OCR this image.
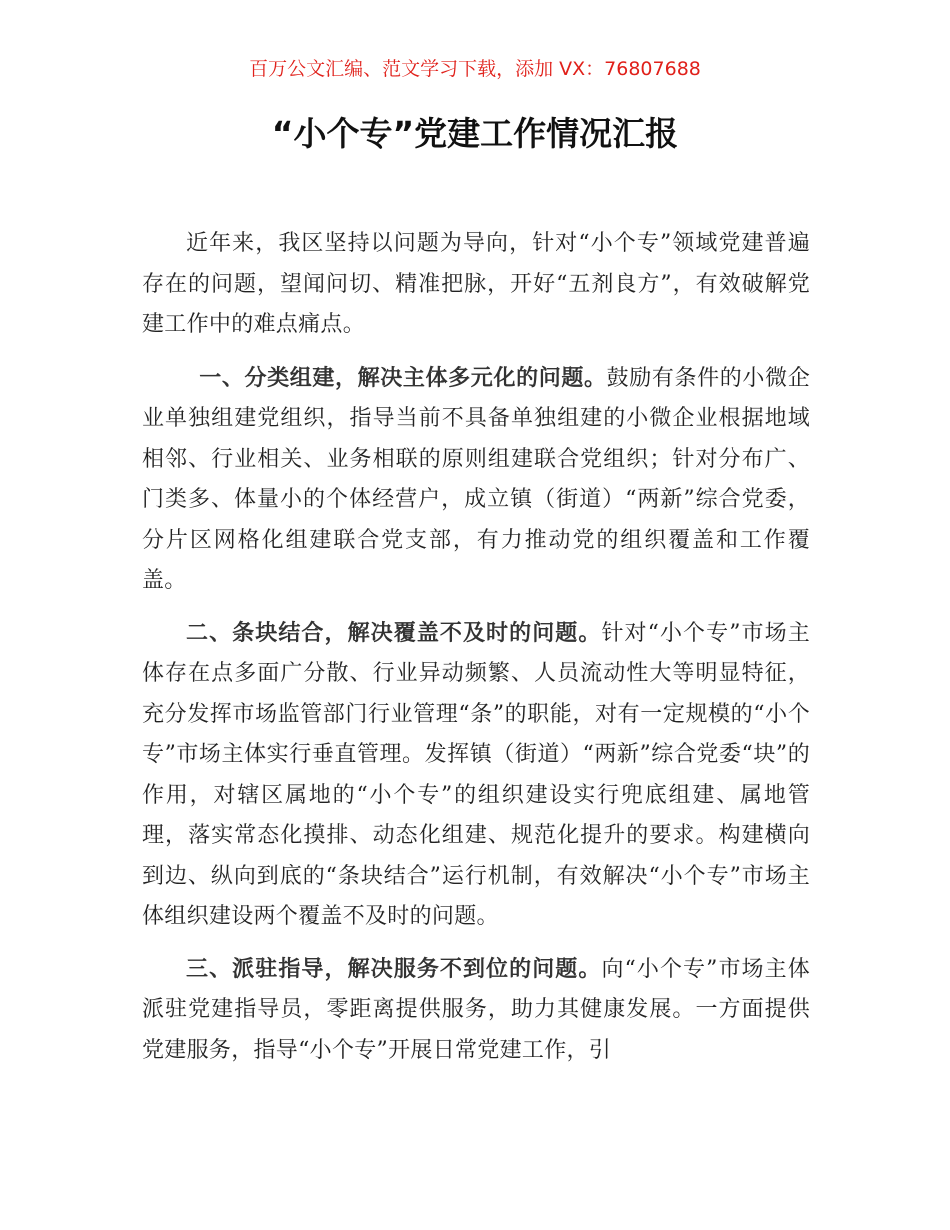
百万公文汇编、范文学习下载，添加 VX：76807688
“小个专”党建工作情况汇报

近年来，我区坚持以问题为导向，针对“小个专”领域党建普遍存在的问题，望闻问切、精准把脉，开好“五剂良方”，有效破解党建工作中的难点痛点。

一、分类组建，解决主体多元化的问题。鼓励有条件的小微企业单独组建党组织，指导当前不具备单独组建的小微企业根据地域相邻、行业相关、业务相联的原则组建联合党组织；针对分布广、门类多、体量小的个体经营户，成立镇（街道）“两新”综合党委，分片区网格化组建联合党支部，有力推动党的组织覆盖和工作覆盖。

二、条块结合，解决覆盖不及时的问题。针对“小个专”市场主体存在点多面广分散、行业异动频繁、人员流动性大等明显特征，充分发挥市场监管部门行业管理“条”的职能，对有一定规模的“小个专”市场主体实行垂直管理。发挥镇（街道）“两新”综合党委“块”的作用，对辖区属地的“小个专”的组织建设实行兜底组建、属地管理，落实常态化摸排、动态化组建、规范化提升的要求。构建横向到边、纵向到底的“条块结合”运行机制，有效解决“小个专”市场主体组织建设两个覆盖不及时的问题。

三、派驻指导，解决服务不到位的问题。向“小个专”市场主体派驻党建指导员，零距离提供服务，助力其健康发展。一方面提供党建服务，指导“小个专”开展日常党建工作，引
